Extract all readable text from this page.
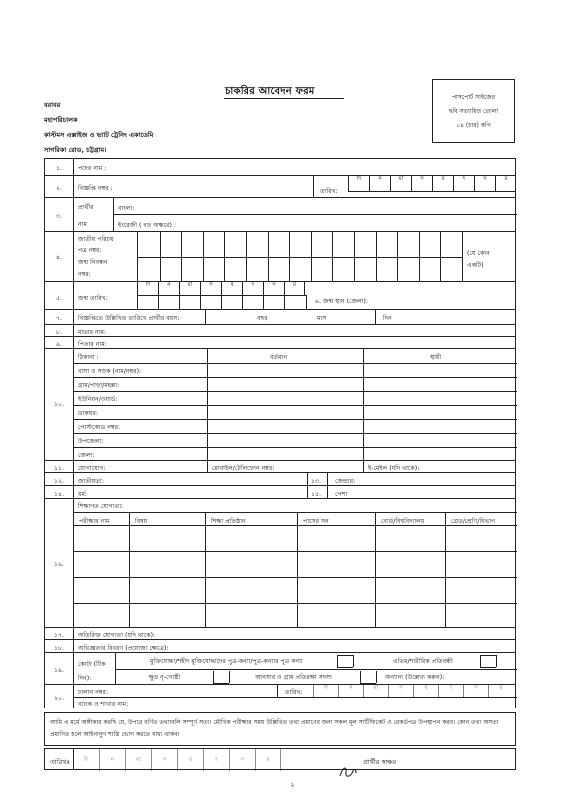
চাকরির আবেদন ফরম
বরাবর
মহাপরিচালক
কাস্টমস এক্সাইজ ও ভ্যাট ট্রেনিং একাডেমি
সাগরিকা রোড, চট্টগ্রাম।
পাসপোর্ট সাইজের
ছবি সত্যায়িত তোলা
০৪ (চার) কপি
১.	পদের নাম :
২.	বিজ্ঞপ্তি নম্বর :	তারিখ:
দি	ন	মা	স	ব	ৎ	স	র
৩.
প্রার্থীর
নাম
বাংলা:
ইংরেজী ( বড় অক্ষরে) :
৪.
জাতীয় পরিচয়
পত্র নম্বর:
জন্ম নিবন্ধন
নম্বর:
(যে কোন
একটি)
৫.	জন্ম তারিখ:
দি	ন	মা	স	ব	ৎ	স	র
৬. জন্ম স্থান (জেলা):
৭.	বিজ্ঞপ্তিতে উল্লিখিত তারিখে প্রার্থীর বয়স:	বছর	মাস	দিন
৮.	মাতার নাম:
৯.	পিতার নাম:
১০.
ঠিকানা :	বর্তমান	স্থায়ী
বাসা ও সড়ক (নাম/নম্বর):
গ্রাম/পাড়া/মহল্লা:
ইউনিয়ন/ওয়ার্ড:
ডাকঘর:
পোস্টকোড নম্বর:
উপজেলা:
জেলা:
১১.	যোগাযোগ:	মোবাইল/টেলিফোন নম্বর:	ই-মেইল (যদি থাকে):
১২.	জাতীয়তা:	১৩. জেন্ডার:
১৪.	ধর্ম:	১৫. পেশা
১৬.
শিক্ষাগত যোগ্যতা:
পরীক্ষার নাম	বিষয়	শিক্ষা প্রতিষ্ঠান	পাসের সন	বোর্ড/বিশ্ববিদ্যালয়	গ্রেড/শ্রেণি/বিভাগ
১৭.	অতিরিক্ত যোগ্যতা (যদি থাকে):
১৮.	অভিজ্ঞতার বিবরণ (প্রযোজ্য ক্ষেত্রে):
১৯.
কোটা (টিক
দিন):
মুক্তিযোদ্ধা/শহীদ মুক্তিযোদ্ধাদের পুত্র-কন্যা/পুত্র-কন্যার পুত্র কন্যা	এতিম/শারীরিক প্রতিবন্ধী
ক্ষুদ্র নৃ-গোষ্ঠী	আনসার ও গ্রাম প্রতিরক্ষা সদস্য	অন্যান্য (উল্লেখ্য করুন):
২০.
চালান নম্বর:	তারিখ:
দি	ন	মা	স	ব	ৎ	স	র
ব্যাংক ও শাখার নাম:
আমি এ মর্মে অঙ্গীকার করছি যে, উপরে বর্ণিত তথ্যাবলি সম্পূর্ণ সত্য। মৌখিক পরীক্ষার সময় উল্লিখিত তথ্য প্রমাণের জন্য সকল মূল সার্টিফিকেট ও রেকর্ডপত্র উপস্থাপন করব। কোন তথ্য অসত্য প্রমাণিত হলে আইনানুগ শাস্তি ভোগ করতে বাধ্য থাকব।
তারিখঃ	দি	ন	মা	স	ব	ৎ	স	র	প্রার্থীর স্বাক্ষর
২
